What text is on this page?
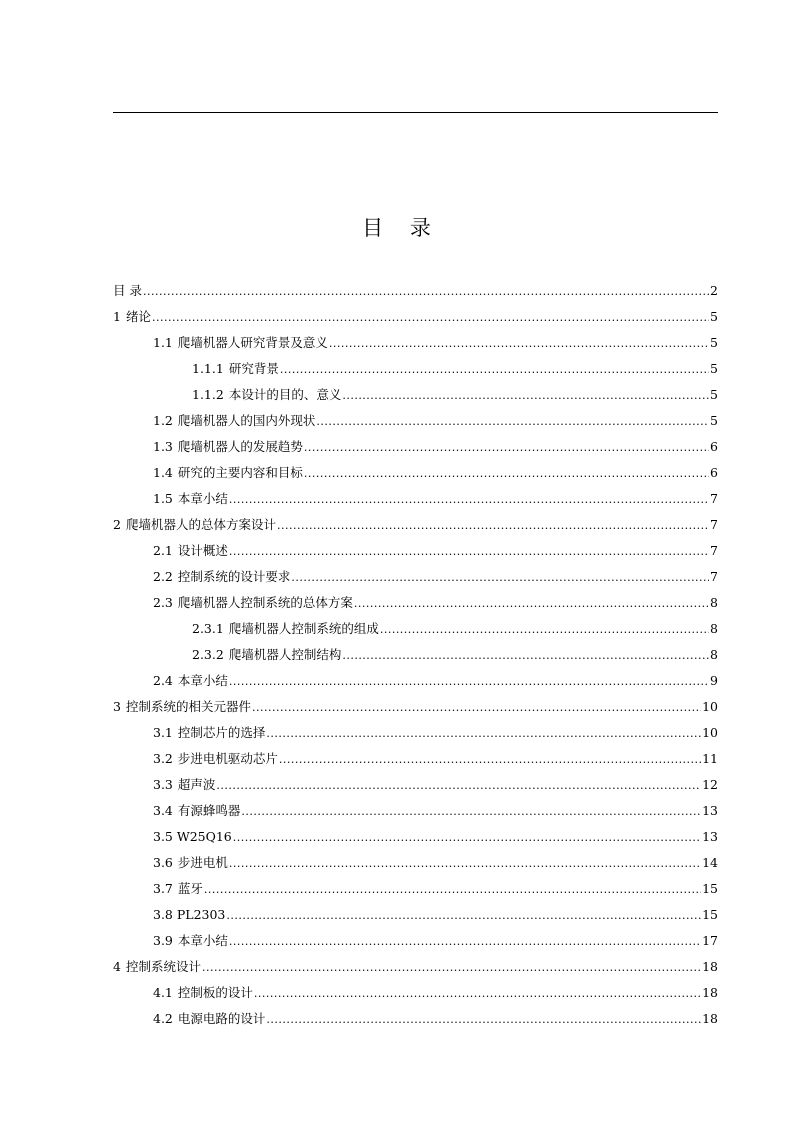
目 录
目 录 .....	2
1 绪论 .....	5
1.1 爬墙机器人研究背景及意义 .....	5
1.1.1 研究背景 .....	5
1.1.2 本设计的目的、意义 .....	5
1.2 爬墙机器人的国内外现状 .....	5
1.3 爬墙机器人的发展趋势 .....	6
1.4 研究的主要内容和目标 .....	6
1.5 本章小结 .....	7
2 爬墙机器人的总体方案设计 .....	7
2.1 设计概述 .....	7
2.2 控制系统的设计要求 .....	7
2.3 爬墙机器人控制系统的总体方案 .....	8
2.3.1 爬墙机器人控制系统的组成 .....	8
2.3.2 爬墙机器人控制结构 .....	8
2.4 本章小结 .....	9
3 控制系统的相关元器件 .....	10
3.1 控制芯片的选择 .....	10
3.2 步进电机驱动芯片 .....	11
3.3 超声波 .....	12
3.4 有源蜂鸣器 .....	13
3.5 W25Q16 .....	13
3.6 步进电机 .....	14
3.7 蓝牙 .....	15
3.8 PL2303 .....	15
3.9 本章小结 .....	17
4 控制系统设计 .....	18
4.1 控制板的设计 .....	18
4.2 电源电路的设计 .....	18
